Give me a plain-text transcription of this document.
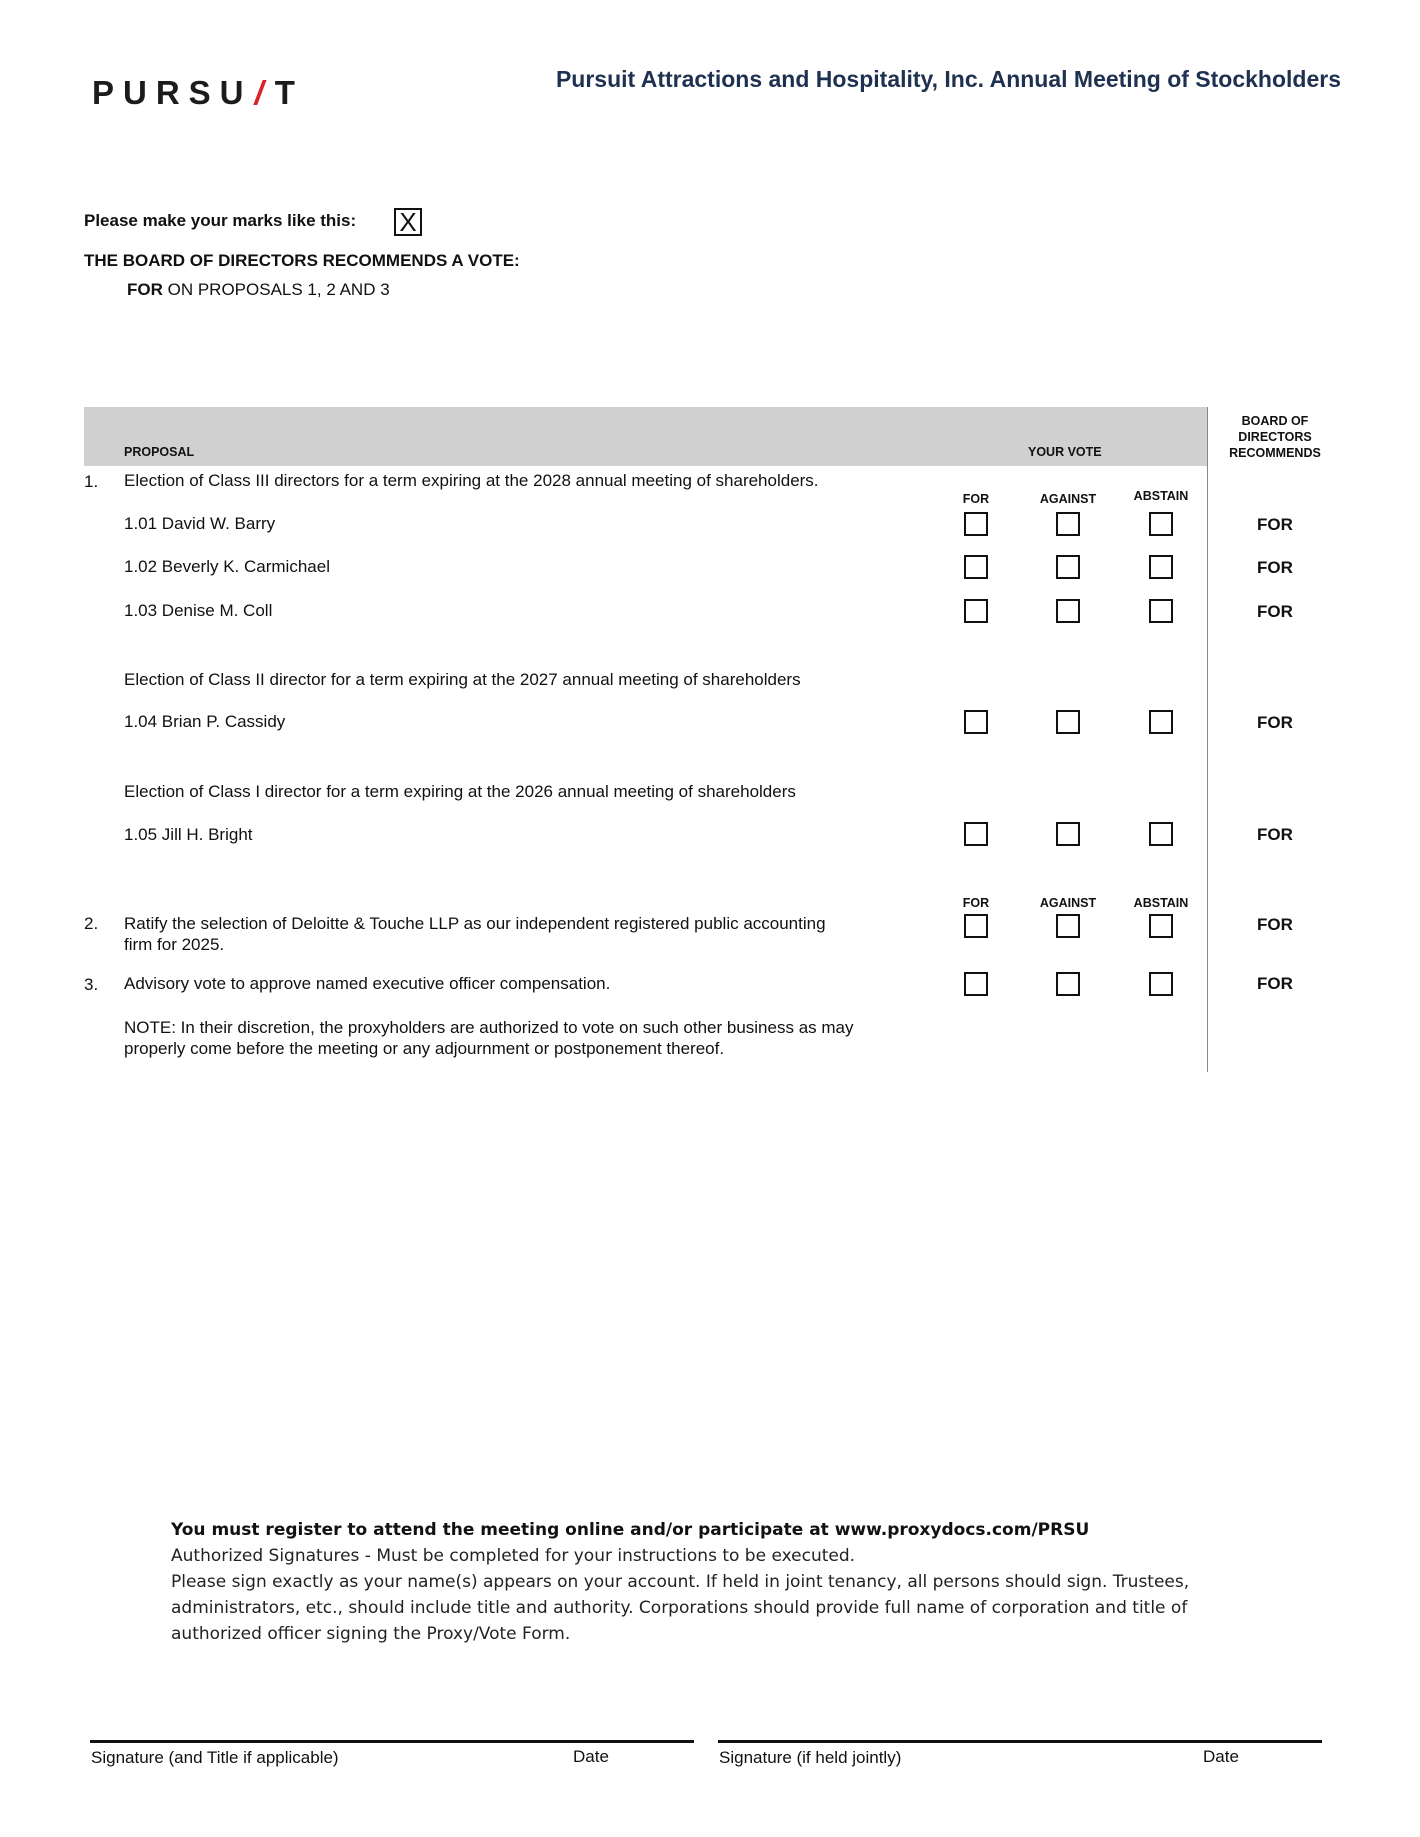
PURSU/T	Pursuit Attractions and Hospitality, Inc. Annual Meeting of Stockholders
Please make your marks like this: X
THE BOARD OF DIRECTORS RECOMMENDS A VOTE:
FOR ON PROPOSALS 1, 2 AND 3
PROPOSAL	YOUR VOTE
BOARD OF
DIRECTORS
RECOMMENDS
1. Election of Class III directors for a term expiring at the 2028 annual meeting of shareholders.
FOR	AGAINST	ABSTAIN
1.01 David W. Barry	FOR
1.02 Beverly K. Carmichael	FOR
1.03 Denise M. Coll	FOR
Election of Class II director for a term expiring at the 2027 annual meeting of shareholders
1.04 Brian P. Cassidy	FOR
Election of Class I director for a term expiring at the 2026 annual meeting of shareholders
1.05 Jill H. Bright	FOR
FOR	AGAINST	ABSTAIN
2. Ratify the selection of Deloitte & Touche LLP as our independent registered public accounting
firm for 2025.
FOR
3. Advisory vote to approve named executive officer compensation.	FOR
NOTE: In their discretion, the proxyholders are authorized to vote on such other business as may
properly come before the meeting or any adjournment or postponement thereof.
You must register to attend the meeting online and/or participate at www.proxydocs.com/PRSU
Authorized Signatures - Must be completed for your instructions to be executed.
Please sign exactly as your name(s) appears on your account. If held in joint tenancy, all persons should sign. Trustees,
administrators, etc., should include title and authority. Corporations should provide full name of corporation and title of
authorized officer signing the Proxy/Vote Form.
Signature (and Title if applicable)	Date	Signature (if held jointly)	Date
